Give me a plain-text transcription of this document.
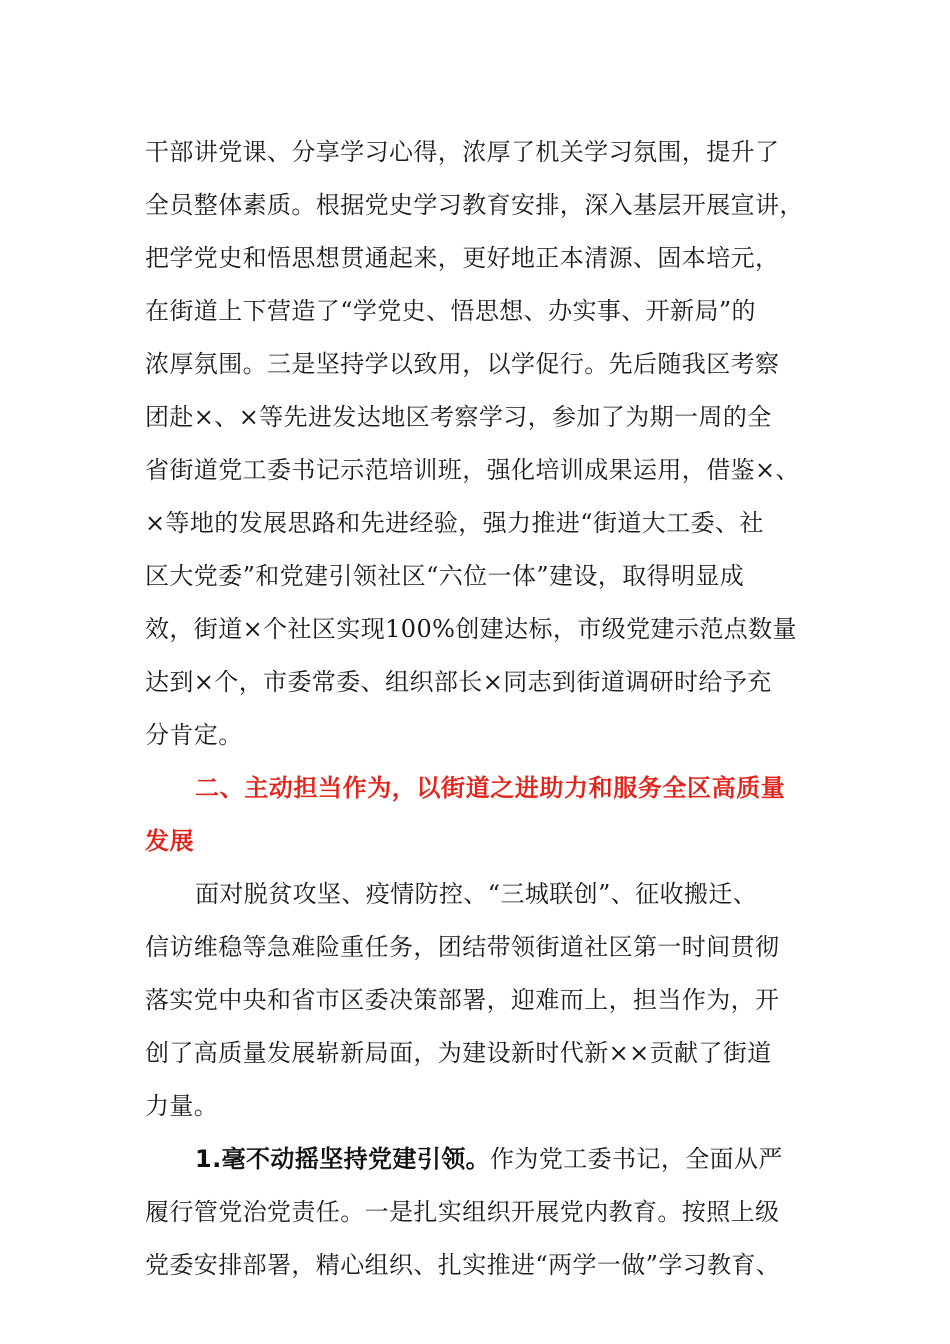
干部讲党课、分享学习心得，浓厚了机关学习氛围，提升了
全员整体素质。根据党史学习教育安排，深入基层开展宣讲，
把学党史和悟思想贯通起来，更好地正本清源、固本培元，
在街道上下营造了“学党史、悟思想、办实事、开新局”的
浓厚氛围。三是坚持学以致用，以学促行。先后随我区考察
团赴×、×等先进发达地区考察学习，参加了为期一周的全
省街道党工委书记示范培训班，强化培训成果运用，借鉴×、
×等地的发展思路和先进经验，强力推进“街道大工委、社
区大党委”和党建引领社区“六位一体”建设，取得明显成
效，街道×个社区实现100%创建达标，市级党建示范点数量
达到×个，市委常委、组织部长×同志到街道调研时给予充
分肯定。
二、主动担当作为，以街道之进助力和服务全区高质量
发展
面对脱贫攻坚、疫情防控、“三城联创”、征收搬迁、
信访维稳等急难险重任务，团结带领街道社区第一时间贯彻
落实党中央和省市区委决策部署，迎难而上，担当作为，开
创了高质量发展崭新局面，为建设新时代新××贡献了街道
力量。
1.毫不动摇坚持党建引领。作为党工委书记，全面从严
履行管党治党责任。一是扎实组织开展党内教育。按照上级
党委安排部署，精心组织、扎实推进“两学一做”学习教育、
